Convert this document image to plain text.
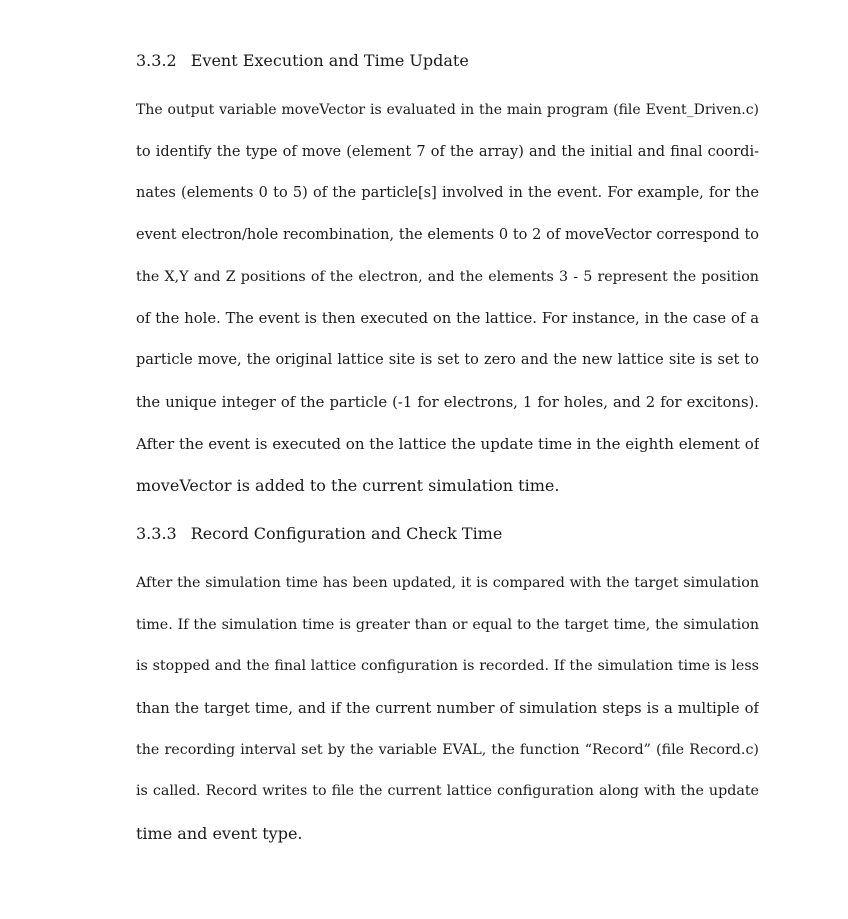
3.3.2 Event Execution and Time Update
The output variable moveVector is evaluated in the main program (file Event_Driven.c)
to identify the type of move (element 7 of the array) and the initial and final coordi-
nates (elements 0 to 5) of the particle[s] involved in the event. For example, for the
event electron/hole recombination, the elements 0 to 2 of moveVector correspond to
the X,Y and Z positions of the electron, and the elements 3 - 5 represent the position
of the hole. The event is then executed on the lattice. For instance, in the case of a
particle move, the original lattice site is set to zero and the new lattice site is set to
the unique integer of the particle (-1 for electrons, 1 for holes, and 2 for excitons).
After the event is executed on the lattice the update time in the eighth element of
moveVector is added to the current simulation time.
3.3.3 Record Configuration and Check Time
After the simulation time has been updated, it is compared with the target simulation
time. If the simulation time is greater than or equal to the target time, the simulation
is stopped and the final lattice configuration is recorded. If the simulation time is less
than the target time, and if the current number of simulation steps is a multiple of
the recording interval set by the variable EVAL, the function “Record” (file Record.c)
is called. Record writes to file the current lattice configuration along with the update
time and event type.
